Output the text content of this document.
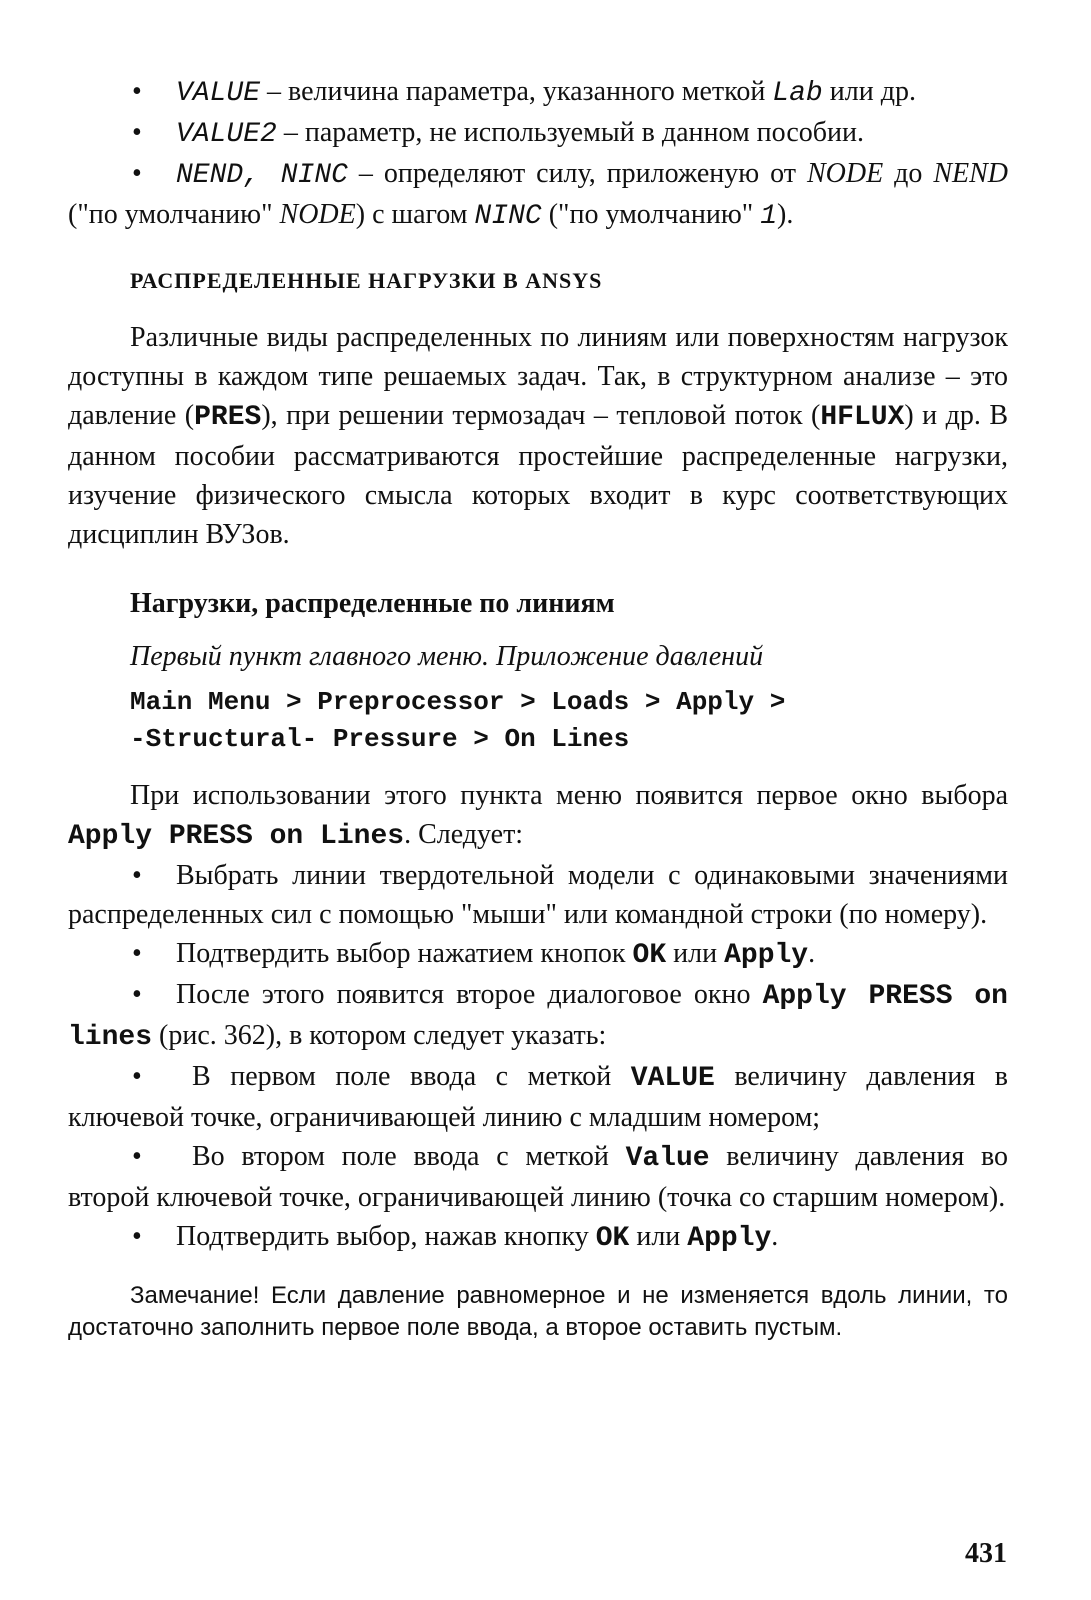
• VALUE – величина параметра, указанного меткой Lab или др.

• VALUE2 – параметр, не используемый в данном пособии.

• NEND, NINC – определяют силу, приложеную от NODE до NEND ("по умолчанию" NODE) с шагом NINC ("по умолчанию" 1).

РАСПРЕДЕЛЕННЫЕ НАГРУЗКИ В ANSYS

Различные виды распределенных по линиям или поверхностям нагрузок доступны в каждом типе решаемых задач. Так, в структурном анализе – это давление (PRES), при решении термозадач – тепловой поток (HFLUX) и др. В данном пособии рассматриваются простейшие распределенные нагрузки, изучение физического смысла которых входит в курс соответствующих дисциплин ВУЗов.

Нагрузки, распределенные по линиям

Первый пункт главного меню. Приложение давлений

Main Menu > Preprocessor > Loads > Apply >
-Structural- Pressure > On Lines

При использовании этого пункта меню появится первое окно выбора Apply PRESS on Lines. Следует:

• Выбрать линии твердотельной модели с одинаковыми значениями распределенных сил с помощью "мыши" или командной строки (по номеру).

• Подтвердить выбор нажатием кнопок OK или Apply.

• После этого появится второе диалоговое окно Apply PRESS on lines (рис. 362), в котором следует указать:

• В первом поле ввода с меткой VALUE величину давления в ключевой точке, ограничивающей линию с младшим номером;

• Во втором поле ввода с меткой Value величину давления во второй ключевой точке, ограничивающей линию (точка со старшим номером).

• Подтвердить выбор, нажав кнопку OK или Apply.

Замечание! Если давление равномерное и не изменяется вдоль линии, то достаточно заполнить первое поле ввода, а второе оставить пустым.

431
